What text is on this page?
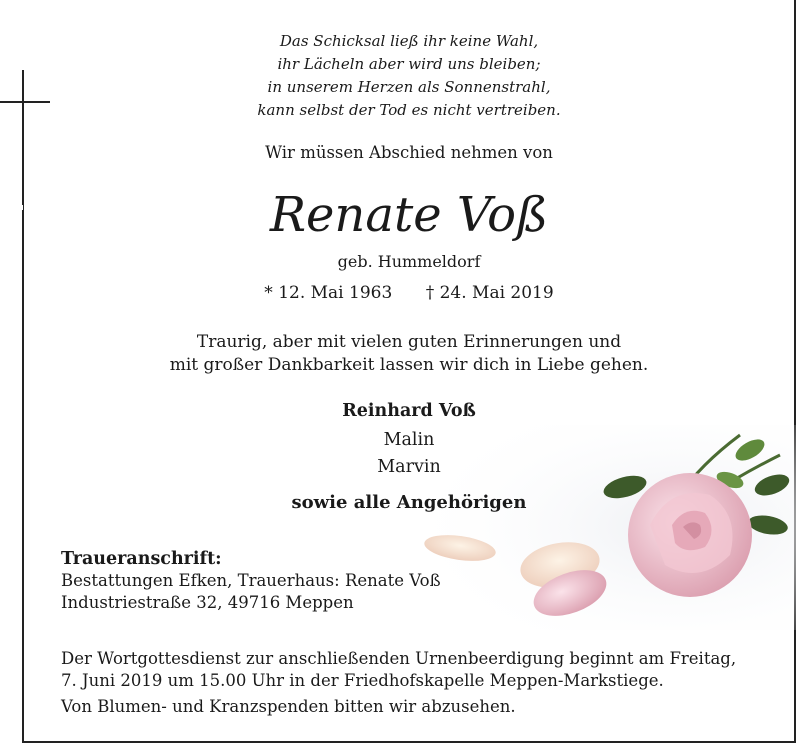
Das Schicksal ließ ihr keine Wahl,
ihr Lächeln aber wird uns bleiben;
in unserem Herzen als Sonnenstrahl,
kann selbst der Tod es nicht vertreiben.
Wir müssen Abschied nehmen von
Renate Voß
geb. Hummeldorf
* 12. Mai 1963 † 24. Mai 2019
Traurig, aber mit vielen guten Erinnerungen und
mit großer Dankbarkeit lassen wir dich in Liebe gehen.
Reinhard Voß
Malin
Marvin
sowie alle Angehörigen
Traueranschrift:
Bestattungen Efken, Trauerhaus: Renate Voß
Industriestraße 32, 49716 Meppen
Der Wortgottesdienst zur anschließenden Urnenbeerdigung beginnt am Freitag,
7. Juni 2019 um 15.00 Uhr in der Friedhofskapelle Meppen-Markstiege.
Von Blumen- und Kranzspenden bitten wir abzusehen.
